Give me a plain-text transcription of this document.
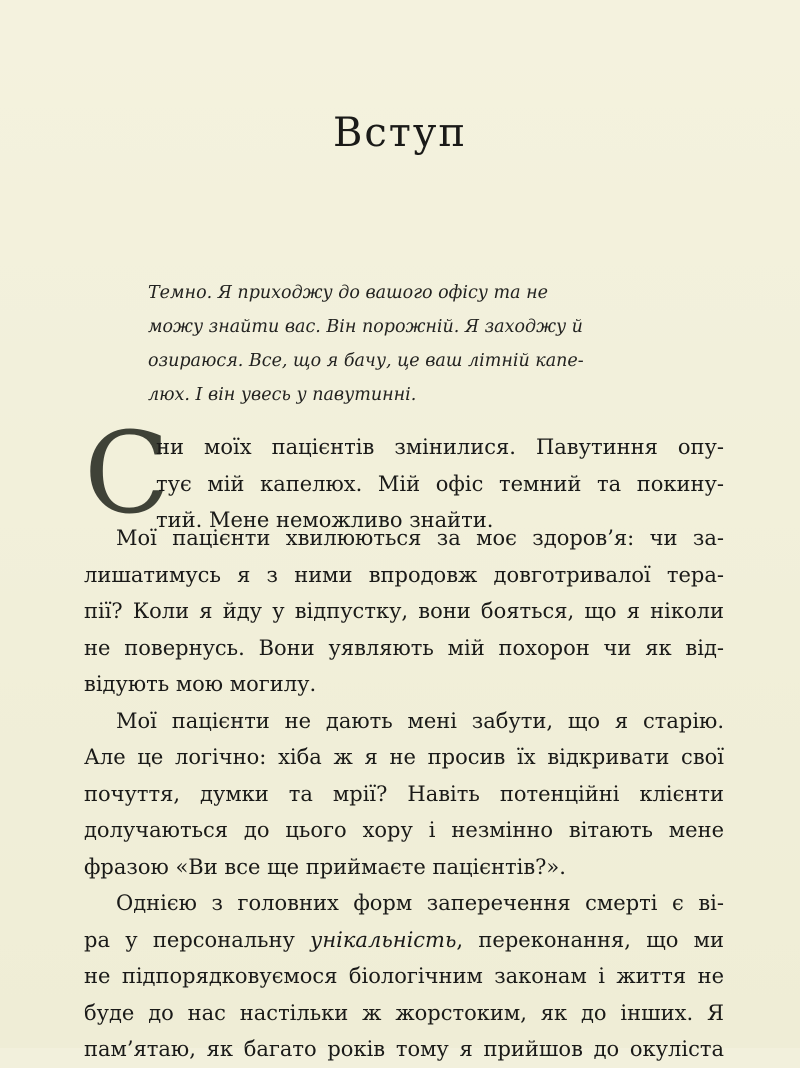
Вступ
Темно. Я приходжу до вашого офісу та не
можу знайти вас. Він порожній. Я заходжу й
озираюся. Все, що я бачу, це ваш літній капе-
люх. І він увесь у павутинні.
С
ни моїх пацієнтів змінилися. Павутиння опу-
тує мій капелюх. Мій офіс темний та покину-
тий. Мене неможливо знайти.
Мої пацієнти хвилюються за моє здоров’я: чи за-
лишатимусь я з ними впродовж довготривалої тера-
пії? Коли я йду у відпустку, вони бояться, що я ніколи
не повернусь. Вони уявляють мій похорон чи як від-
відують мою могилу.
Мої пацієнти не дають мені забути, що я старію.
Але це логічно: хіба ж я не просив їх відкривати свої
почуття, думки та мрії? Навіть потенційні клієнти
долучаються до цього хору і незмінно вітають мене
фразою «Ви все ще приймаєте пацієнтів?».
Однією з головних форм заперечення смерті є ві-
ра у персональну унікальність, переконання, що ми
не підпорядковуємося біологічним законам і життя не
буде до нас настільки ж жорстоким, як до інших. Я
пам’ятаю, як багато років тому я прийшов до окуліста
